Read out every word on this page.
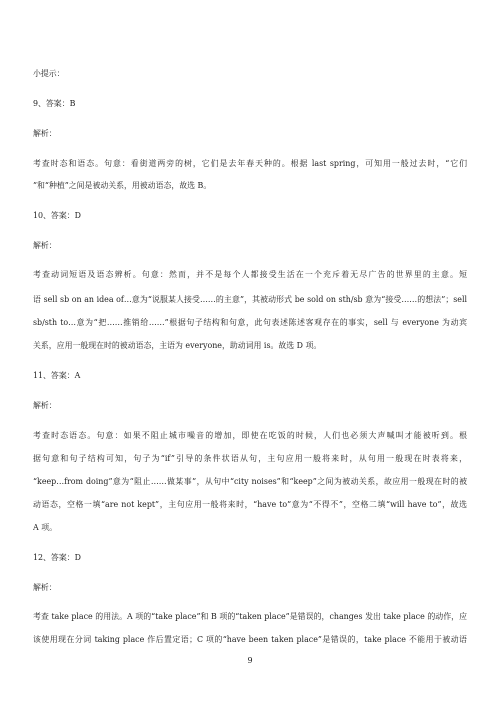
小提示：
9、答案：B
解析：
考查时态和语态。句意：看街道两旁的树，它们是去年春天种的。根据 last spring，可知用一般过去时，“它们
”和“种植”之间是被动关系，用被动语态，故选 B。
10、答案：D
解析：
考查动词短语及语态辨析。句意：然而，并不是每个人都接受生活在一个充斥着无尽广告的世界里的主意。短
语 sell sb on an idea of…意为“说服某人接受……的主意”，其被动形式 be sold on sth/sb 意为“接受……的想法”；sell
sb/sth to…意为“把……推销给……”根据句子结构和句意，此句表述陈述客观存在的事实，sell 与 everyone 为动宾
关系，应用一般现在时的被动语态，主语为 everyone，助动词用 is。故选 D 项。
11、答案：A
解析：
考查时态语态。句意：如果不阻止城市噪音的增加，即使在吃饭的时候，人们也必须大声喊叫才能被听到。根
据句意和句子结构可知，句子为“if”引导的条件状语从句，主句应用一般将来时，从句用一般现在时表将来，
“keep…from doing”意为“阻止……做某事”，从句中“city noises”和“keep”之间为被动关系，故应用一般现在时的被
动语态，空格一填“are not kept”，主句应用一般将来时，“have to”意为“不得不”，空格二填“will have to”，故选
A 项。
12、答案：D
解析：
考查 take place 的用法。A 项的“take place”和 B 项的“taken place”是错误的，changes 发出 take place 的动作，应
该使用现在分词 taking place 作后置定语；C 项的“have been taken place”是错误的，take place 不能用于被动语
9
